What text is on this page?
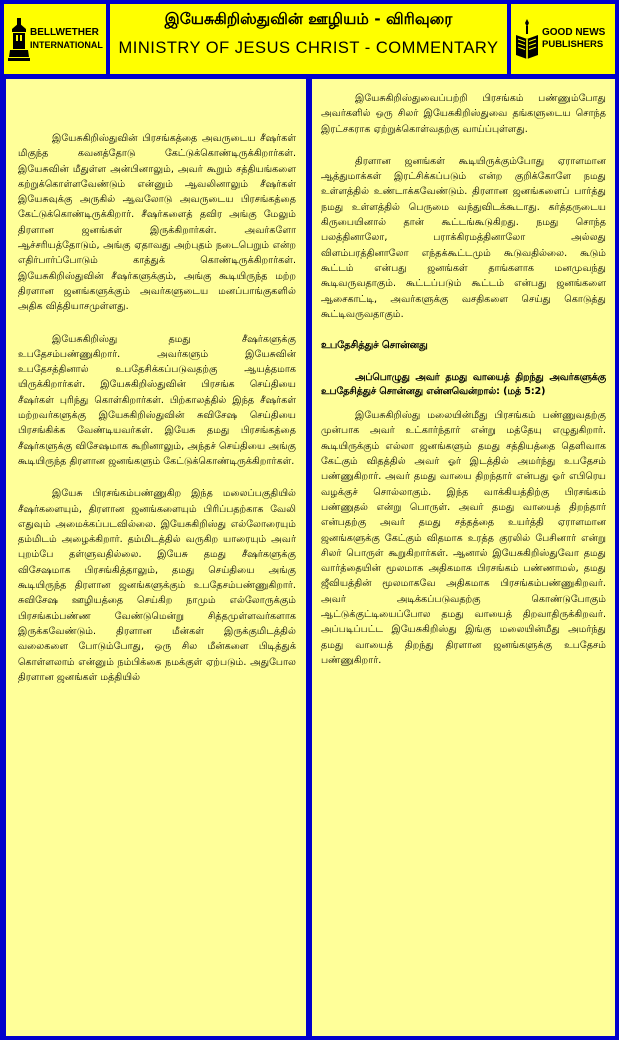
BELLWETHER
INTERNATIONAL
இயேசுகிறிஸ்துவின் ஊழியம் - விரிவுரை
MINISTRY OF JESUS CHRIST - COMMENTARY
GOOD NEWS
PUBLISHERS

இயேசுகிறிஸ்துவின் பிரசங்கத்தை அவருடைய சீஷர்கள் மிகுந்த கவனத்தோடு கேட்டுக்கொண்டிருக்கிறார்கள். இயேசுவின் மீதுள்ள அன்பினாலும், அவர் கூறும் சத்தியங்களை கற்றுக்கொள்ளவேண்டும் என்னும் ஆவலினாலும் சீஷர்கள் இயேசுவுக்கு அருகில் ஆவலோடு அவருடைய பிரசங்கத்தை கேட்டுக்கொண்டிருக்கிறார். சீஷர்களைத் தவிர அங்கு மேலும் திரளான ஜனங்கள் இருக்கிறார்கள். அவர்களோ ஆச்சரியத்தோடும், அங்கு ஏதாவது அற்புதம் நடைபெறும் என்ற எதிர்பார்ப்போடும் காத்துக் கொண்டிருக்கிறார்கள். இயேசுகிறிஸ்துவின் சீஷர்களுக்கும், அங்கு கூடியிருந்த மற்ற திரளான ஜனங்களுக்கும் அவர்களுடைய மனப்பாங்குகளில் அதிக வித்தியாசமுள்ளது.

இயேசுகிறிஸ்து தமது சீஷர்களுக்கு உபதேசம்பண்ணுகிறார். அவர்களும் இயேசுவின் உபதேசத்தினால் உபதேசிக்கப்படுவதற்கு ஆயத்தமாக யிருக்கிறார்கள். இயேசுகிறிஸ்துவின் பிரசங்க செய்தியை சீஷர்கள் புரிந்து கொள்கிறார்கள். பிற்காலத்தில் இந்த சீஷர்கள் மற்றவர்களுக்கு இயேசுகிறிஸ்துவின் சுவிசேஷ செய்தியை பிரசங்கிக்க வேண்டியவர்கள். இயேசு தமது பிரசங்கத்தை சீஷர்களுக்கு விசேஷமாக கூறினாலும், அந்தச் செய்தியை அங்கு கூடியிருந்த திரளான ஜனங்களும் கேட்டுக்கொண்டிருக்கிறார்கள்.

இயேசு பிரசங்கம்பண்ணுகிற இந்த மலைப்பகுதியில் சீஷர்களையும், திரளான ஜனங்களையும் பிரிப்பதற்காக வேலி எதுவும் அமைக்கப்படவில்லை. இயேசுகிறிஸ்து எல்லோரையும் தம்மிடம் அழைக்கிறார். தம்மிடத்தில் வருகிற யாரையும் அவர் புறம்பே தள்ளுவதில்லை. இயேசு தமது சீஷர்களுக்கு விசேஷமாக பிரசங்கித்தாலும், தமது செய்தியை அங்கு கூடியிருந்த திரளான ஜனங்களுக்கும் உபதேசம்பண்ணுகிறார். சுவிசேஷ ஊழியத்தை செய்கிற நாமும் எல்லோருக்கும் பிரசங்கம்பண்ண வேண்டுமென்று சித்தமுள்ளவர்களாக இருக்கவேண்டும். திரளான மீன்கள் இருக்குமிடத்தில் வலைகளை போடும்போது, ஒரு சில மீன்களை பிடித்துக் கொள்ளலாம் என்னும் நம்பிக்கை நமக்குள் ஏற்படும். அதுபோல திரளான ஜனங்கள் மத்தியில்

இயேசுகிறிஸ்துவைப்பற்றி பிரசங்கம் பண்ணும்போது அவர்களில் ஒரு சிலர் இயேசுகிறிஸ்துவை தங்களுடைய சொந்த இரட்சகராக ஏற்றுக்கொள்வதற்கு வாய்ப்புள்ளது.

திரளான ஜனங்கள் கூடியிருக்கும்போது ஏராளமான ஆத்துமாக்கள் இரட்சிக்கப்படும் என்ற குறிக்கோளே நமது உள்ளத்தில் உண்டாக்கவேண்டும். திரளான ஜனங்களைப் பார்த்து நமது உள்ளத்தில் பெருமை வந்துவிடக்கூடாது. கர்த்தருடைய கிருபையினால் தான் கூட்டங்கூடுகிறது. நமது சொந்த பலத்தினாலோ, பராக்கிரமத்தினாலோ அல்லது விளம்பரத்தினாலோ எந்தக்கூட்டமும் கூடுவதில்லை. கூடும் கூட்டம் என்பது ஜனங்கள் தாங்களாக மனமுவந்து கூடிவருவதாகும். கூட்டப்படும் கூட்டம் என்பது ஜனங்களை ஆசைகாட்டி, அவர்களுக்கு வசதிகளை செய்து கொடுத்து கூட்டிவருவதாகும்.

உபதேசித்துச் சொன்னது

அப்பொழுது அவர் தமது வாயைத் திறந்து அவர்களுக்கு உபதேசித்துச் சொன்னது என்னவென்றால்: (மத் 5:2)

இயேசுகிறிஸ்து மலையின்மீது பிரசங்கம் பண்ணுவதற்கு முன்பாக அவர் உட்கார்ந்தார் என்று மத்தேயு எழுதுகிறார். கூடியிருக்கும் எல்லா ஜனங்களும் தமது சத்தியத்தை தெளிவாக கேட்கும் விதத்தில் அவர் ஓர் இடத்தில் அமர்ந்து உபதேசம் பண்ணுகிறார். அவர் தமது வாயை திறந்தார் என்பது ஓர் எபிரெய வழக்குச் சொல்லாகும். இந்த வாக்கியத்திற்கு பிரசங்கம் பண்ணுதல் என்று பொருள். அவர் தமது வாயைத் திறந்தார் என்பதற்கு அவர் தமது சத்தத்தை உயர்த்தி ஏராளமான ஜனங்களுக்கு கேட்கும் விதமாக உரத்த குரலில் பேசினார் என்று சிலர் பொருள் கூறுகிறார்கள். ஆனால் இயேசுகிறிஸ்துவோ தமது வார்த்தையின் மூலமாக அதிகமாக பிரசங்கம் பண்ணாமல், தமது ஜீவியத்தின் மூலமாகவே அதிகமாக பிரசங்கம்பண்ணுகிறவர். அவர் அடிக்கப்படுவதற்கு கொண்டுபோகும் ஆட்டுக்குட்டியைப்போல தமது வாயைத் திறவாதிருக்கிறவர். அப்படிப்பட்ட இயேசுகிறிஸ்து இங்கு மலையின்மீது அமர்ந்து தமது வாயைத் திறந்து திரளான ஜனங்களுக்கு உபதேசம் பண்ணுகிறார்.
